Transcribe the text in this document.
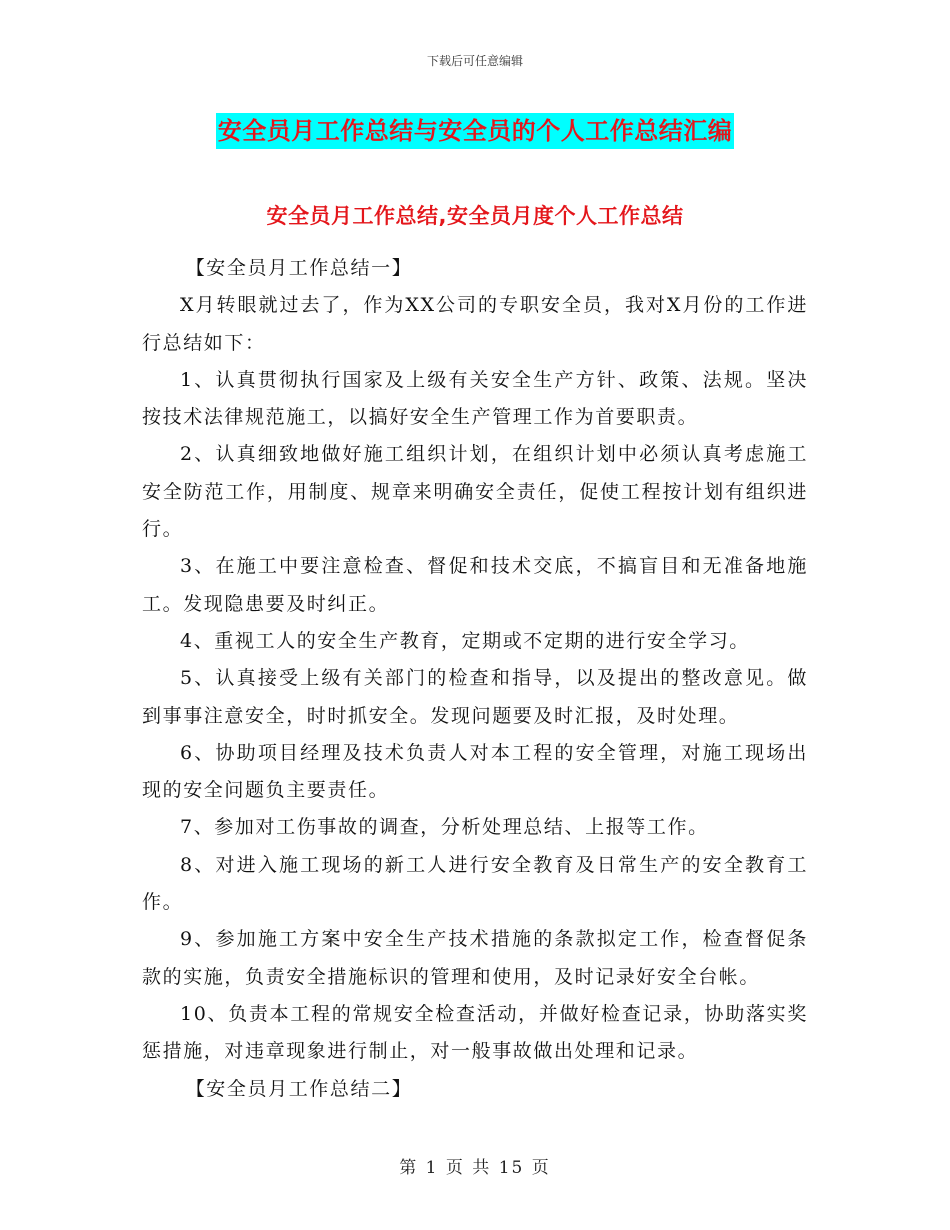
下载后可任意编辑
安全员月工作总结与安全员的个人工作总结汇编
安全员月工作总结,安全员月度个人工作总结

【安全员月工作总结一】

X月转眼就过去了，作为XX公司的专职安全员，我对X月份的工作进行总结如下：

1、认真贯彻执行国家及上级有关安全生产方针、政策、法规。坚决按技术法律规范施工，以搞好安全生产管理工作为首要职责。

2、认真细致地做好施工组织计划，在组织计划中必须认真考虑施工安全防范工作，用制度、规章来明确安全责任，促使工程按计划有组织进行。

3、在施工中要注意检查、督促和技术交底，不搞盲目和无准备地施工。发现隐患要及时纠正。

4、重视工人的安全生产教育，定期或不定期的进行安全学习。

5、认真接受上级有关部门的检查和指导，以及提出的整改意见。做到事事注意安全，时时抓安全。发现问题要及时汇报，及时处理。

6、协助项目经理及技术负责人对本工程的安全管理，对施工现场出现的安全问题负主要责任。

7、参加对工伤事故的调查，分析处理总结、上报等工作。

8、对进入施工现场的新工人进行安全教育及日常生产的安全教育工作。

9、参加施工方案中安全生产技术措施的条款拟定工作，检查督促条款的实施，负责安全措施标识的管理和使用，及时记录好安全台帐。

10、负责本工程的常规安全检查活动，并做好检查记录，协助落实奖惩措施，对违章现象进行制止，对一般事故做出处理和记录。

【安全员月工作总结二】

第 1 页 共 15 页
